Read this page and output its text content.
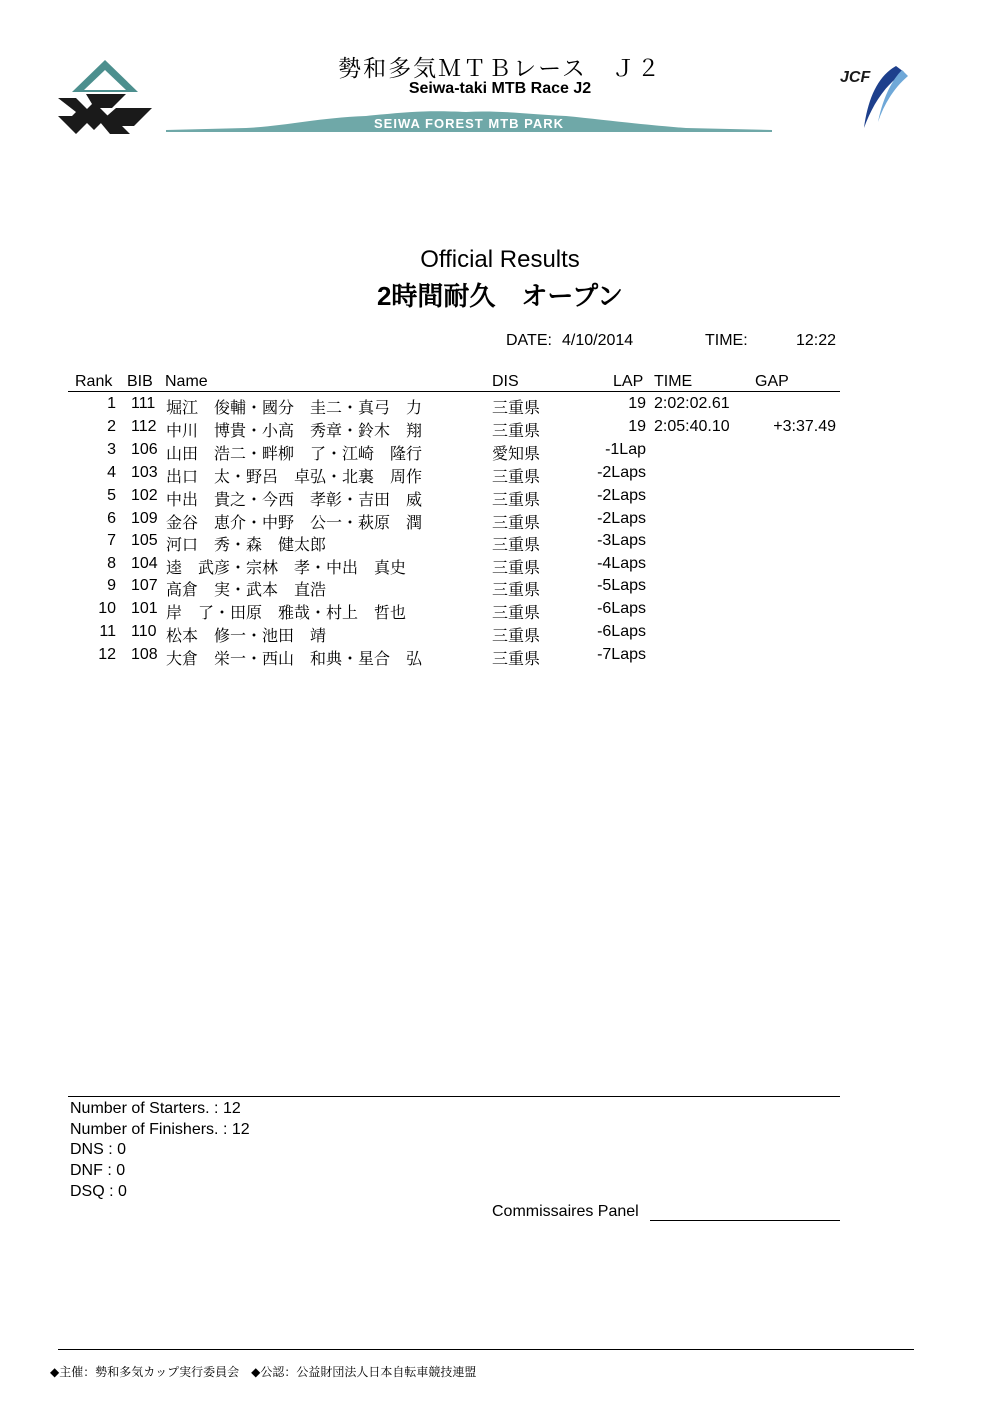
JCF
勢和多気ＭＴＢレース　Ｊ２
Seiwa-taki MTB Race J2
SEIWA FOREST MTB PARK
Official Results
2時間耐久　オープン
DATE: 4/10/2014	TIME:	12:22
Rank BIB Name	DIS	LAP TIME	GAP
1 111 堀江　俊輔・國分　圭二・真弓　力	三重県	19 2:02:02.61
2 112 中川　博貴・小高　秀章・鈴木　翔	三重県	19 2:05:40.10	+3:37.49
3 106 山田　浩二・畔柳　了・江崎　隆行	愛知県	-1Lap
4 103 出口　太・野呂　卓弘・北裏　周作	三重県	-2Laps
5 102 中出　貴之・今西　孝彰・吉田　威	三重県	-2Laps
6 109 金谷　恵介・中野　公一・萩原　潤	三重県	-2Laps
7 105 河口　秀・森　健太郎	三重県	-3Laps
8 104 逵　武彦・宗林　孝・中出　真史	三重県	-4Laps
9 107 高倉　実・武本　直浩	三重県	-5Laps
10 101 岸　了・田原　雅哉・村上　哲也	三重県	-6Laps
11 110 松本　修一・池田　靖	三重県	-6Laps
12 108 大倉　栄一・西山　和典・星合　弘	三重県	-7Laps
Number of Starters. : 12
Number of Finishers. : 12
DNS : 0
DNF : 0
DSQ : 0
Commissaires Panel
◆主催：勢和多気カップ実行委員会　◆公認：公益財団法人日本自転車競技連盟
